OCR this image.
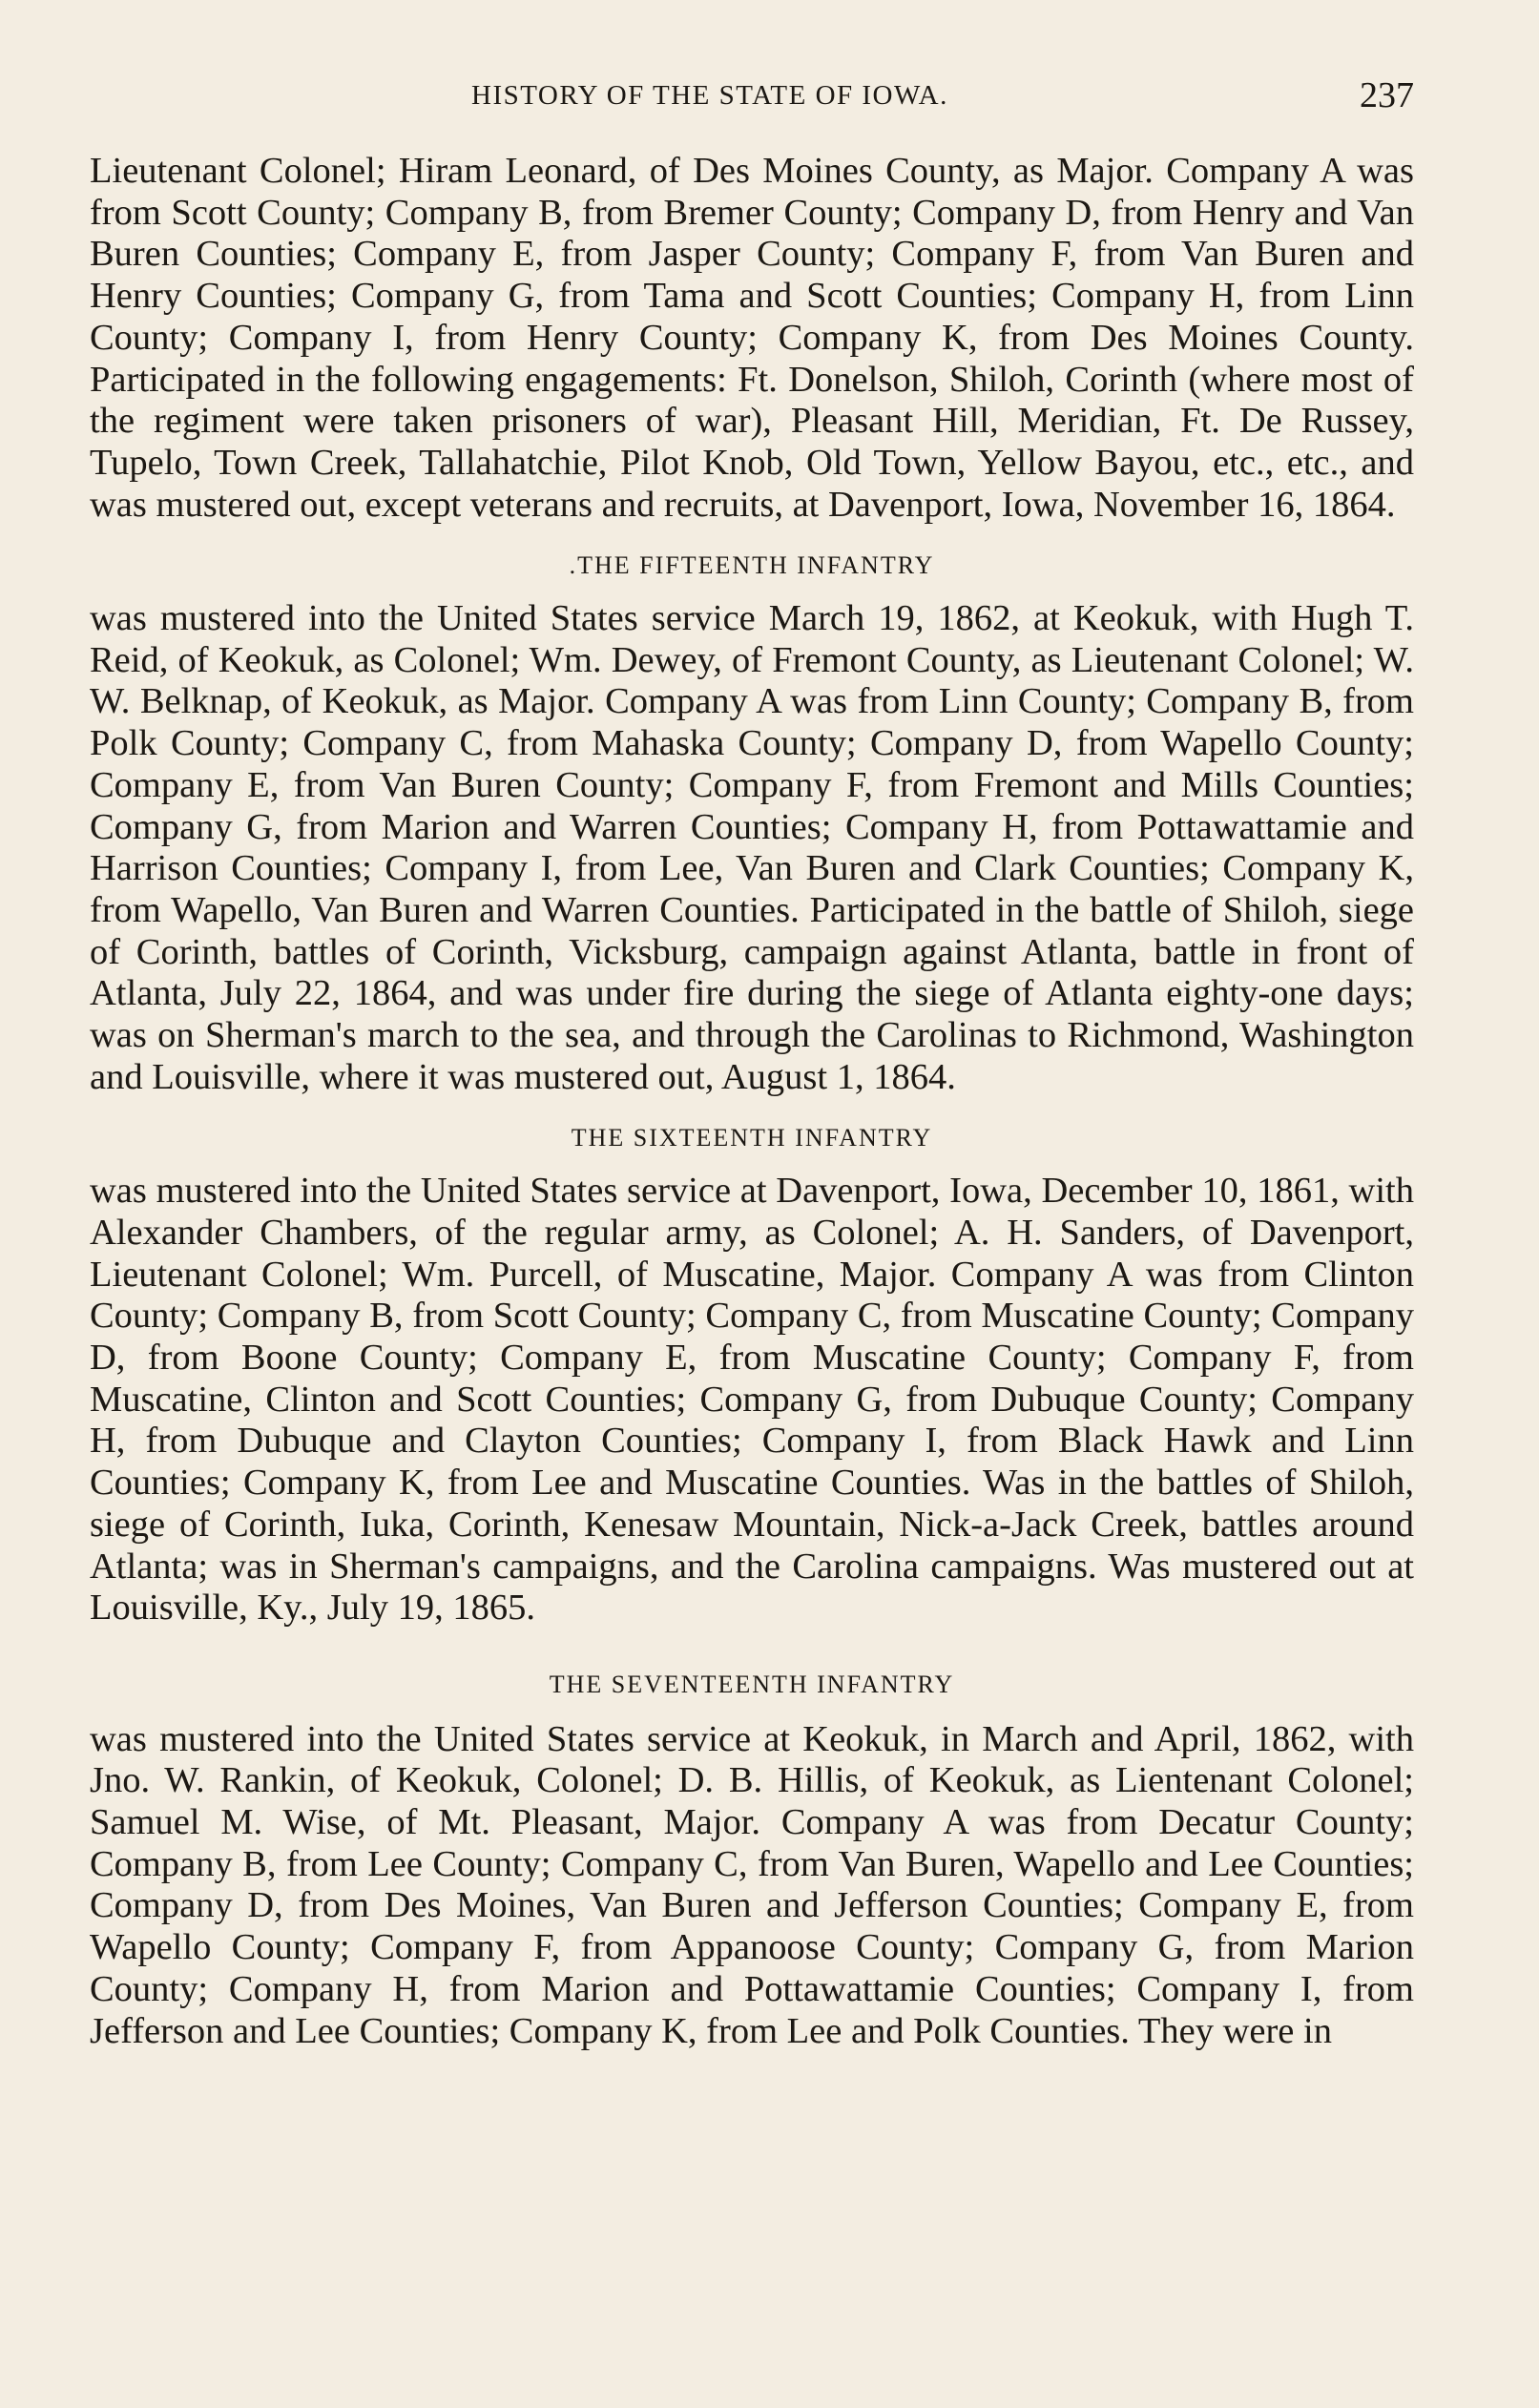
HISTORY OF THE STATE OF IOWA.	237

Lieutenant Colonel; Hiram Leonard, of Des Moines County, as Major. Company A was from Scott County; Company B, from Bremer County; Company D, from Henry and Van Buren Counties; Company E, from Jasper County; Company F, from Van Buren and Henry Counties; Company G, from Tama and Scott Counties; Company H, from Linn County; Company I, from Henry County; Company K, from Des Moines County. Participated in the following engagements: Ft. Donelson, Shiloh, Corinth (where most of the regiment were taken prisoners of war), Pleasant Hill, Meridian, Ft. De Russey, Tupelo, Town Creek, Tallahatchie, Pilot Knob, Old Town, Yellow Bayou, etc., etc., and was mustered out, except veterans and recruits, at Davenport, Iowa, November 16, 1864.

.THE FIFTEENTH INFANTRY

was mustered into the United States service March 19, 1862, at Keokuk, with Hugh T. Reid, of Keokuk, as Colonel; Wm. Dewey, of Fremont County, as Lieutenant Colonel; W. W. Belknap, of Keokuk, as Major. Company A was from Linn County; Company B, from Polk County; Company C, from Mahaska County; Company D, from Wapello County; Company E, from Van Buren County; Company F, from Fremont and Mills Counties; Company G, from Marion and Warren Counties; Company H, from Pottawattamie and Harrison Counties; Company I, from Lee, Van Buren and Clark Counties; Company K, from Wapello, Van Buren and Warren Counties. Participated in the battle of Shiloh, siege of Corinth, battles of Corinth, Vicksburg, campaign against Atlanta, battle in front of Atlanta, July 22, 1864, and was under fire during the siege of Atlanta eighty-one days; was on Sherman's march to the sea, and through the Carolinas to Richmond, Washington and Louisville, where it was mustered out, August 1, 1864.

THE SIXTEENTH INFANTRY

was mustered into the United States service at Davenport, Iowa, December 10, 1861, with Alexander Chambers, of the regular army, as Colonel; A. H. Sanders, of Davenport, Lieutenant Colonel; Wm. Purcell, of Muscatine, Major. Company A was from Clinton County; Company B, from Scott County; Company C, from Muscatine County; Company D, from Boone County; Company E, from Muscatine County; Company F, from Muscatine, Clinton and Scott Counties; Company G, from Dubuque County; Company H, from Dubuque and Clayton Counties; Company I, from Black Hawk and Linn Counties; Company K, from Lee and Muscatine Counties. Was in the battles of Shiloh, siege of Corinth, Iuka, Corinth, Kenesaw Mountain, Nick-a-Jack Creek, battles around Atlanta; was in Sherman's campaigns, and the Carolina campaigns. Was mustered out at Louisville, Ky., July 19, 1865.

THE SEVENTEENTH INFANTRY

was mustered into the United States service at Keokuk, in March and April, 1862, with Jno. W. Rankin, of Keokuk, Colonel; D. B. Hillis, of Keokuk, as Lientenant Colonel; Samuel M. Wise, of Mt. Pleasant, Major. Company A was from Decatur County; Company B, from Lee County; Company C, from Van Buren, Wapello and Lee Counties; Company D, from Des Moines, Van Buren and Jefferson Counties; Company E, from Wapello County; Company F, from Appanoose County; Company G, from Marion County; Company H, from Marion and Pottawattamie Counties; Company I, from Jefferson and Lee Counties; Company K, from Lee and Polk Counties. They were in
